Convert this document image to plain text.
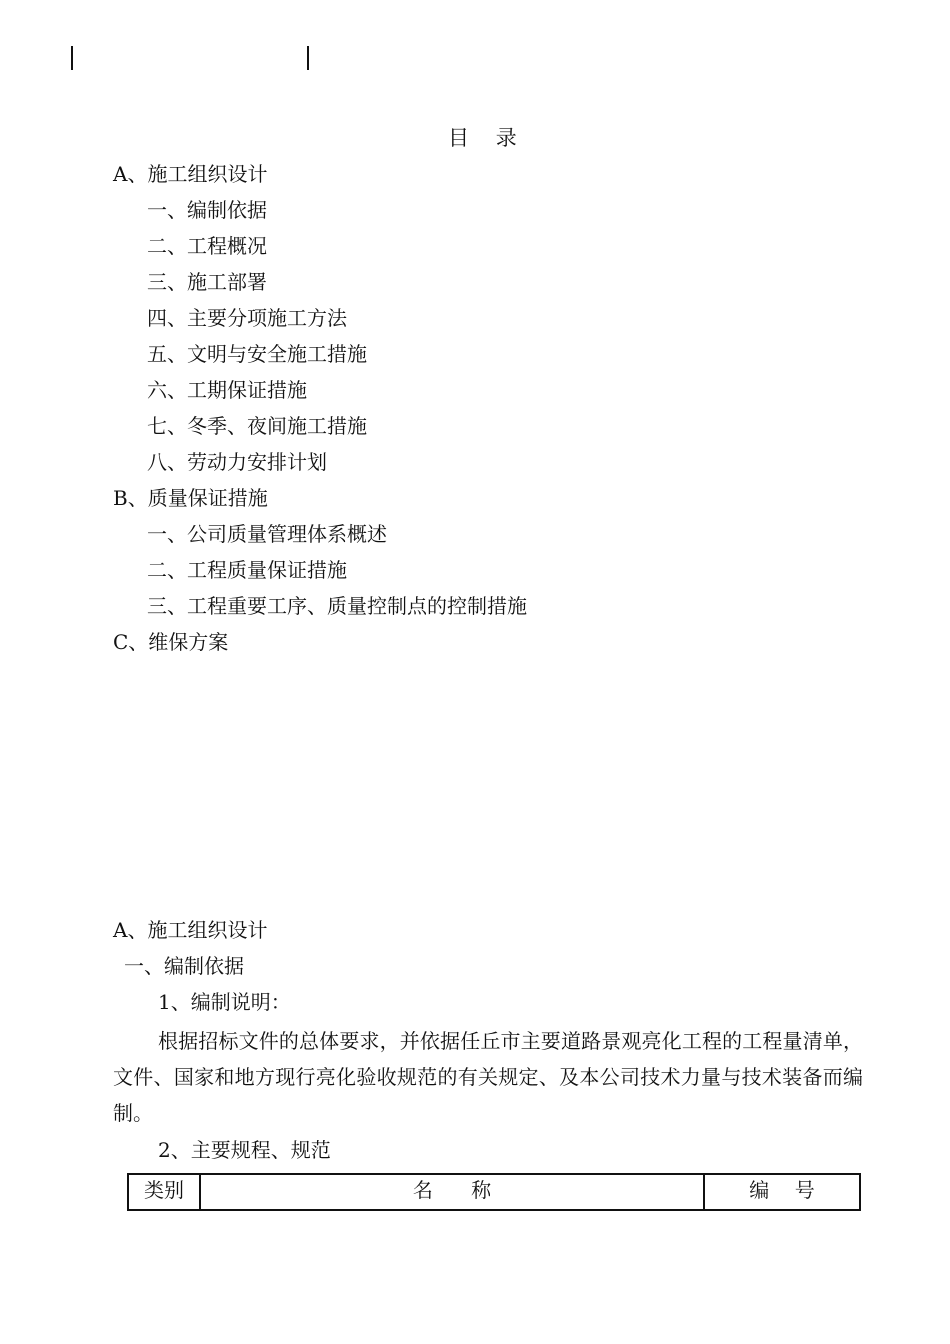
目    录
A、施工组织设计
一、编制依据
二、工程概况
三、施工部署
四、主要分项施工方法
五、文明与安全施工措施
六、工期保证措施
七、冬季、夜间施工措施
八、劳动力安排计划
B、质量保证措施
一、公司质量管理体系概述
二、工程质量保证措施
三、工程重要工序、质量控制点的控制措施
C、维保方案
A、施工组织设计
一、编制依据
1、编制说明：
根据招标文件的总体要求，并依据任丘市主要道路景观亮化工程的工程量清单，文件、国家和地方现行亮化验收规范的有关规定、及本公司技术力量与技术装备而编制。
2、主要规程、规范
类别	名      称	编    号
